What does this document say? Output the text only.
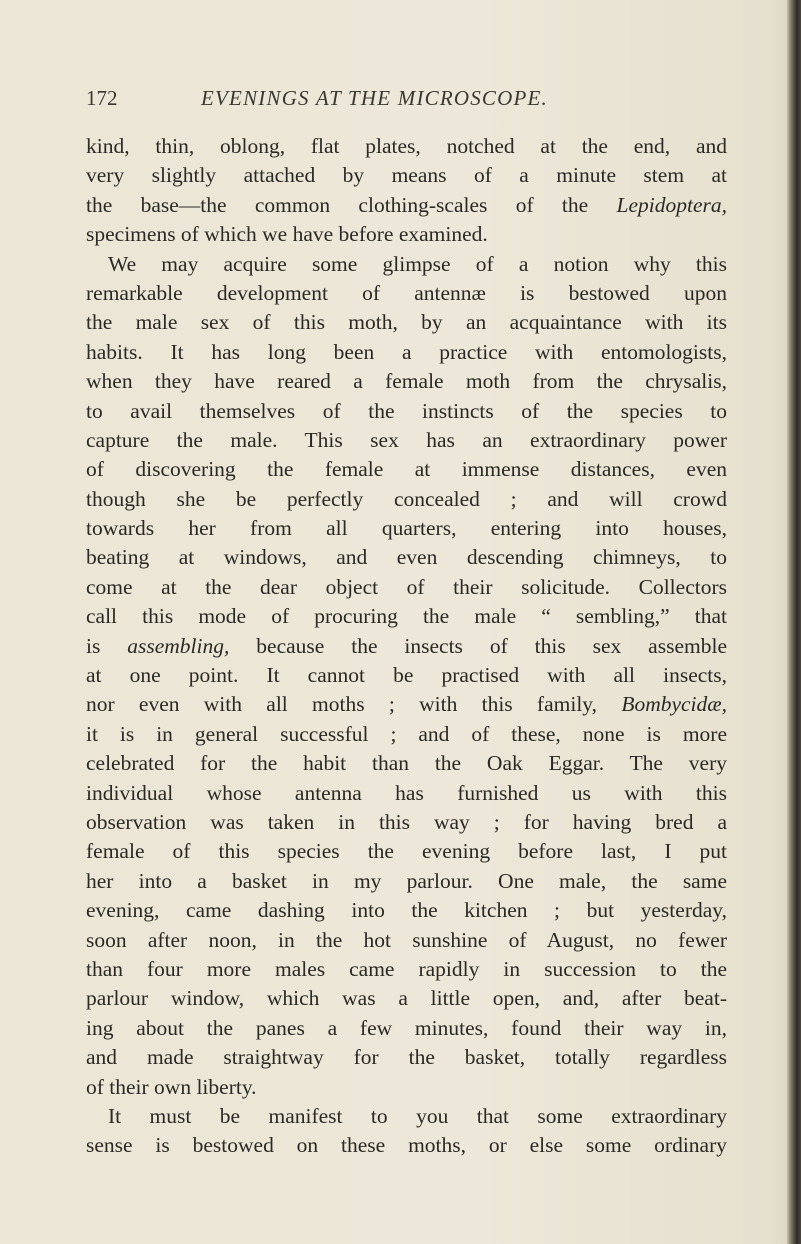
172	EVENINGS AT THE MICROSCOPE.
kind, thin, oblong, flat plates, notched at the end, and
very slightly attached by means of a minute stem at
the base—the common clothing-scales of the Lepidoptera,
specimens of which we have before examined.
We may acquire some glimpse of a notion why this
remarkable development of antennæ is bestowed upon
the male sex of this moth, by an acquaintance with its
habits. It has long been a practice with entomologists,
when they have reared a female moth from the chrysalis,
to avail themselves of the instincts of the species to
capture the male. This sex has an extraordinary power
of discovering the female at immense distances, even
though she be perfectly concealed ; and will crowd
towards her from all quarters, entering into houses,
beating at windows, and even descending chimneys, to
come at the dear object of their solicitude. Collectors
call this mode of procuring the male “ sembling,” that
is assembling, because the insects of this sex assemble
at one point. It cannot be practised with all insects,
nor even with all moths ; with this family, Bombycidæ,
it is in general successful ; and of these, none is more
celebrated for the habit than the Oak Eggar. The very
individual whose antenna has furnished us with this
observation was taken in this way ; for having bred a
female of this species the evening before last, I put
her into a basket in my parlour. One male, the same
evening, came dashing into the kitchen ; but yesterday,
soon after noon, in the hot sunshine of August, no fewer
than four more males came rapidly in succession to the
parlour window, which was a little open, and, after beat-
ing about the panes a few minutes, found their way in,
and made straightway for the basket, totally regardless
of their own liberty.
It must be manifest to you that some extraordinary
sense is bestowed on these moths, or else some ordinary
